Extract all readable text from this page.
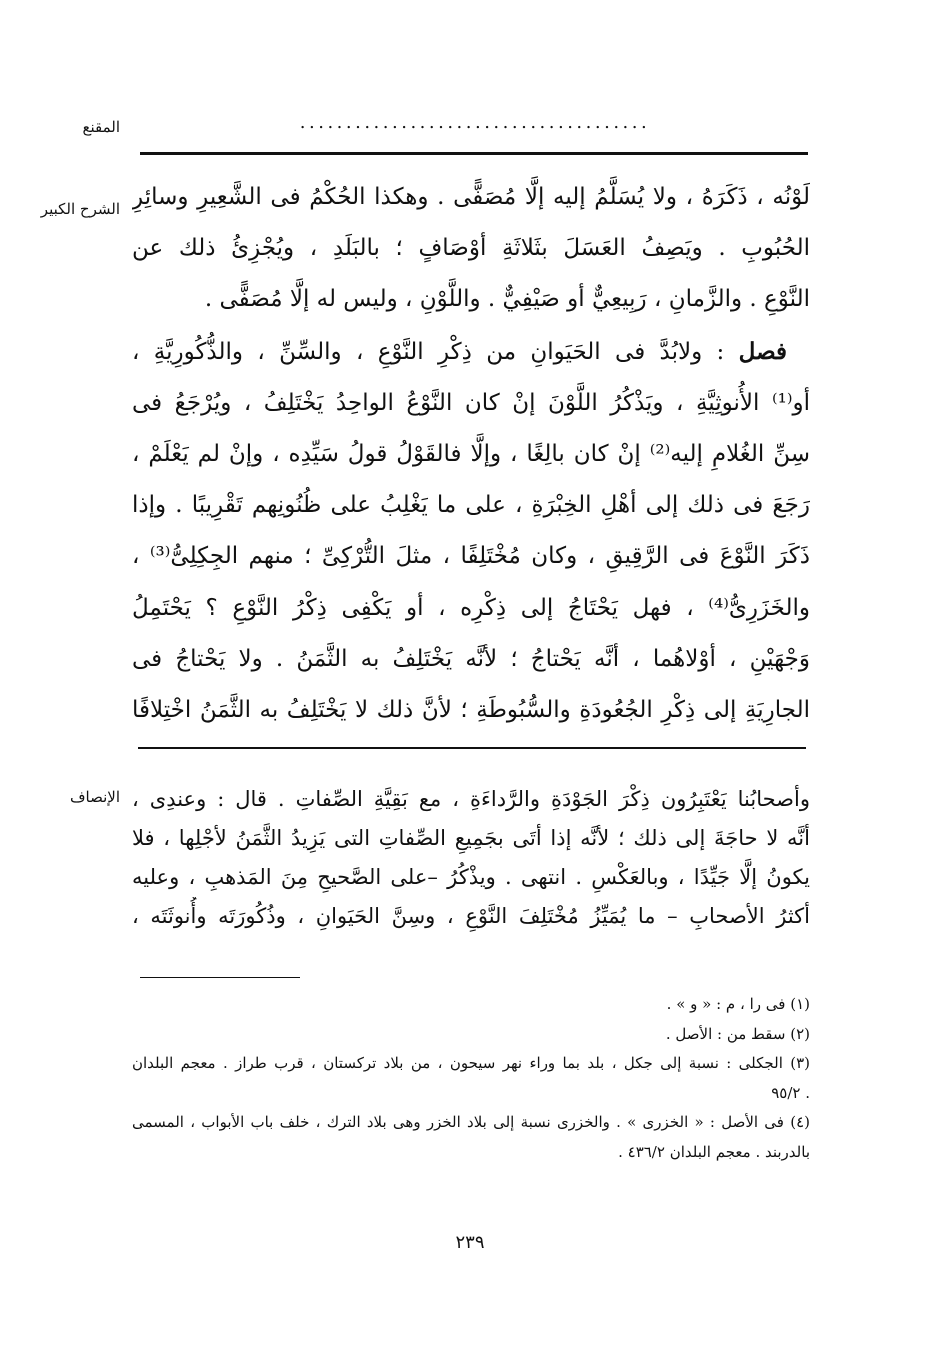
المقنع	......................................
الشرح الكبير لَوْنُه ، ذَكَرَهُ ، ولا يُسَلَّمُ إليه إلَّا مُصَفًّى . وهكذا الحُكْمُ فى الشَّعِيرِ وسائِرِ
الحُبُوبِ . ويَصِفُ العَسَلَ بثَلاثَةِ أوْصَافٍ ؛ بالبَلَدِ ، ويُجْزِئُ ذلك عن
النَّوْعِ . والزَّمانِ ، رَبِيعِيٌّ أو صَيْفِيٌّ . واللَّوْنِ ، وليس له إلَّا مُصَفًّى .
 فصل : ولابُدَّ فى الحَيَوانِ من ذِكْرِ النَّوْعِ ، والسِّنِّ ، والذُّكُورِيَّةِ ،
أو⁽¹⁾ الأُنوثِيَّةِ ، ويَذْكُرُ اللَّوْنَ إنْ كان النَّوْعُ الواحِدُ يَخْتَلِفُ ، ويُرْجَعُ فى
سِنِّ الغُلامِ إليه⁽²⁾ إنْ كان بالِغًا ، وإلَّا فالقَوْلُ قولُ سَيِّدِه ، وإنْ لم يَعْلَمْ ،
رَجَعَ فى ذلك إلى أهْلِ الخِبْرَةِ ، على ما يَغْلِبُ على ظُنُونِهم تَقْرِيبًا . وإذا
ذَكَرَ النَّوْعَ فى الرَّقِيقِ ، وكان مُخْتَلِفًا ، مثلَ التُّرْكِىِّ ؛ منهم الجِكِلِىُّ⁽³⁾ ،
والخَزَرِىُّ⁽⁴⁾ ، فهل يَحْتَاجُ إلى ذِكْرِه ، أو يَكْفِى ذِكْرُ النَّوْعِ ؟ يَحْتَمِلُ
وَجْهَيْنِ ، أوْلاهُما ، أنَّه يَحْتاجُ ؛ لأنَّه يَخْتَلِفُ به الثَّمَنُ . ولا يَحْتاجُ فى
الجارِيَةِ إلى ذِكْرِ الجُعُودَةِ والسُّبُوطَةِ ؛ لأنَّ ذلك لا يَخْتَلِفُ به الثَّمَنُ اخْتِلافًا
الإنصاف وأصحابُنا يَعْتَبِرُون ذِكْرَ الجَوْدَةِ والرَّداءَةِ ، مع بَقِيَّةِ الصِّفاتِ . قال : وعندِى ،
أنَّه لا حاجَةَ إلى ذلك ؛ لأنَّه إذا أتَى بجَمِيعِ الصِّفاتِ التى يَزِيدُ الثَّمَنُ لأجْلِها ، فلا
يكونُ إلَّا جَيِّدًا ، وبالعَكْسِ . انتهى . ويذْكُرُ –على الصَّحيحِ مِنَ المَذهبِ ، وعليه
أكثرُ الأصحابِ – ما يُمَيِّزُ مُخْتَلِفَ النَّوْعِ ، وسِنَّ الحَيَوانِ ، وذُكُورَتَه وأُنوثَتَه ،
(١) فى را ، م : « و » .
(٢) سقط من : الأصل .
(٣) الجكلى : نسبة إلى جكل ، بلد بما وراء نهر سيحون ، من بلاد تركستان ، قرب طراز . معجم البلدان
. ٩٥/٢
(٤) فى الأصل : « الخزرى » . والخزرى نسبة إلى بلاد الخزر وهى بلاد الترك ، خلف باب الأبواب ، المسمى
بالدربند . معجم البلدان ٤٣٦/٢ .
٢٣٩
